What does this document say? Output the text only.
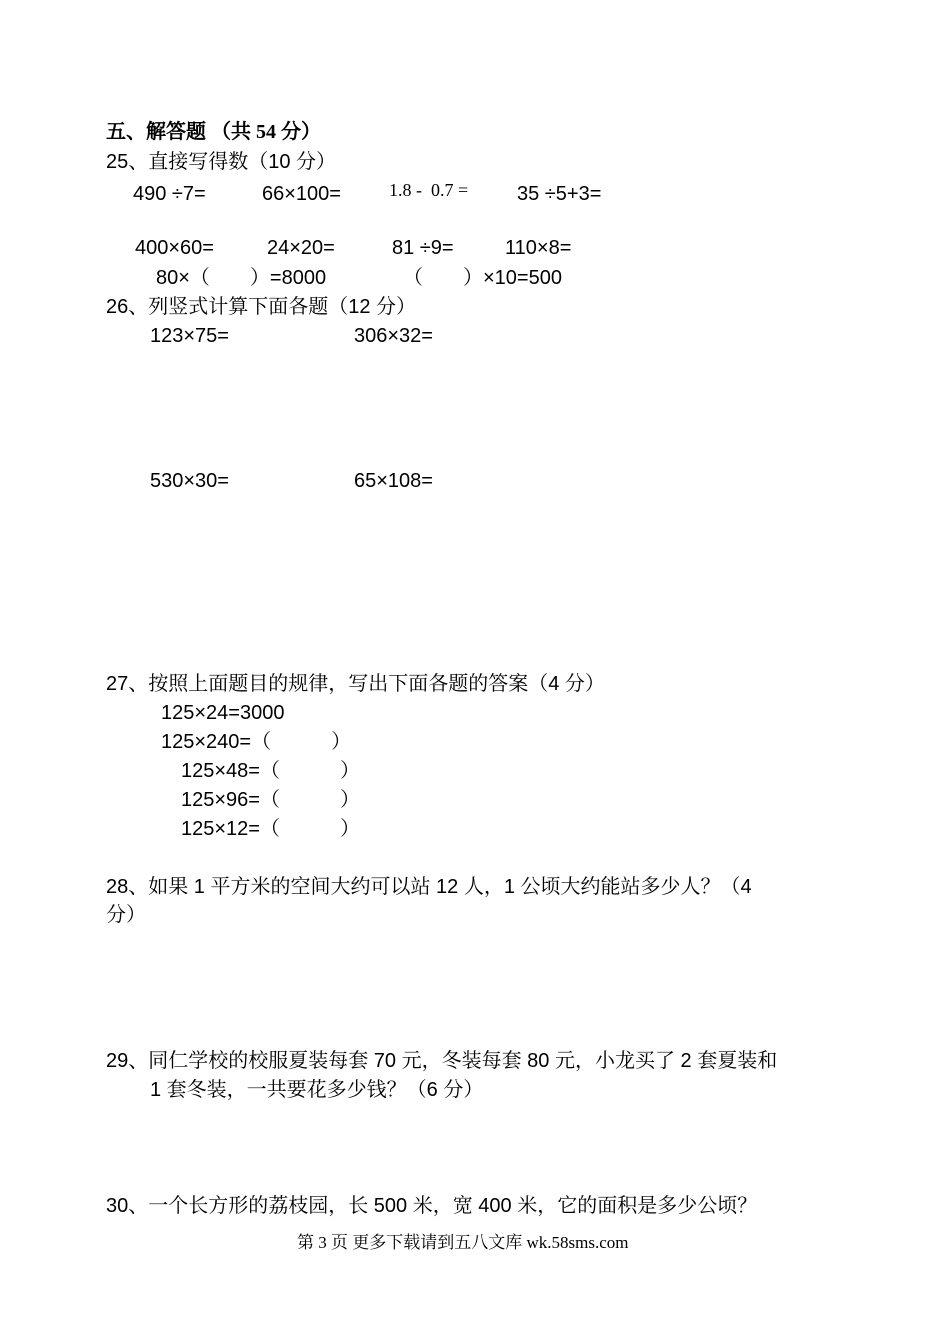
五、解答题 （共 54 分）
25、直接写得数（10 分）
490 ÷7=	66×100=	1.8 -  0.7 = 35 ÷5+3=
400×60=	24×20=	81 ÷9=	110×8=
80×（　　）=8000	（　　）×10=500
26、列竖式计算下面各题（12 分）
123×75=	306×32=
530×30=	65×108=
27、按照上面题目的规律，写出下面各题的答案（4 分）
125×24=3000
125×240=（　　　）
125×48=（　　　）
125×96=（　　　）
125×12=（　　　）
28、如果 1 平方米的空间大约可以站 12 人，1 公顷大约能站多少人？（4
分）
29、同仁学校的校服夏装每套 70 元，冬装每套 80 元，小龙买了 2 套夏装和
1 套冬装，一共要花多少钱？（6 分）
30、一个长方形的荔枝园，长 500 米，宽 400 米，它的面积是多少公顷？
第 3 页 更多下载请到五八文库 wk.58sms.com
